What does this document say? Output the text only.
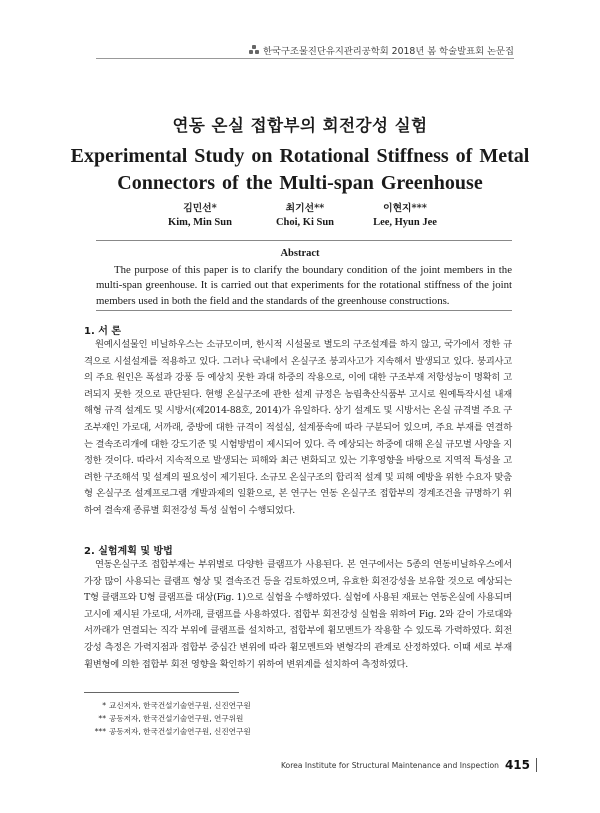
한국구조물진단유지관리공학회 2018년 봄 학술발표회 논문집
연동 온실 접합부의 회전강성 실험
Experimental Study on Rotational Stiffness of Metal
Connectors of the Multi-span Greenhouse
김민선*
Kim, Min Sun
최기선**
Choi, Ki Sun
이현지***
Lee, Hyun Jee
Abstract

The purpose of this paper is to clarify the boundary condition of the joint members in the multi-span greenhouse. It is carried out that experiments for the rotational stiffness of the joint members used in both the field and the standards of the greenhouse constructions.

1. 서 론

원예시설물인 비닐하우스는 소규모이며, 한시적 시설물로 별도의 구조설계를 하지 않고, 국가에서 정한 규격으로 시설설계를 적용하고 있다. 그러나 국내에서 온실구조 붕괴사고가 지속해서 발생되고 있다. 붕괴사고의 주요 원인은 폭설과 강풍 등 예상치 못한 과대 하중의 작용으로, 이에 대한 구조부재 저항성능이 명확히 고려되지 못한 것으로 판단된다. 현행 온실구조에 관한 설계 규정은 농림축산식품부 고시로 원예특작시설 내재해형 규격 설계도 및 시방서(제2014-88호, 2014)가 유일하다. 상기 설계도 및 시방서는 온실 규격별 주요 구조부재인 가로대, 서까래, 중방에 대한 규격이 적설심, 설계풍속에 따라 구분되어 있으며, 주요 부재를 연결하는 결속조리개에 대한 강도기준 및 시험방법이 제시되어 있다. 즉 예상되는 하중에 대해 온실 규모별 사양을 지정한 것이다. 따라서 지속적으로 발생되는 피해와 최근 변화되고 있는 기후영향을 바탕으로 지역적 특성을 고려한 구조해석 및 설계의 필요성이 제기된다. 소규모 온실구조의 합리적 설계 및 피해 예방을 위한 수요자 맞춤형 온실구조 설계프로그램 개발과제의 일환으로, 본 연구는 연동 온실구조 접합부의 경계조건을 규명하기 위하여 결속재 종류별 회전강성 특성 실험이 수행되었다.

2. 실험계획 및 방법

연동온실구조 접합부재는 부위별로 다양한 클램프가 사용된다. 본 연구에서는 5종의 연동비닐하우스에서 가장 많이 사용되는 클램프 형상 및 결속조건 등을 검토하였으며, 유효한 회전강성을 보유할 것으로 예상되는 T형 클램프와 U형 클램프를 대상(Fig. 1)으로 실험을 수행하였다. 실험에 사용된 재료는 연동온실에 사용되며 고시에 제시된 가로대, 서까래, 클램프를 사용하였다. 접합부 회전강성 실험을 위하여 Fig. 2와 같이 가로대와 서까래가 연결되는 직각 부위에 클램프를 설치하고, 접합부에 휨모멘트가 작용할 수 있도록 가력하였다. 회전강성 측정은 가력지점과 접합부 중심간 변위에 따라 휨모멘트와 변형각의 관계로 산정하였다. 이때 세로 부재 휨변형에 의한 접합부 회전 영향을 확인하기 위하여 변위계를 설치하여 측정하였다.

* 교신저자, 한국건설기술연구원, 신진연구원
** 공동저자, 한국건설기술연구원, 연구위원
*** 공동저자, 한국건설기술연구원, 신진연구원
Korea Institute for Structural Maintenance and Inspection 415
